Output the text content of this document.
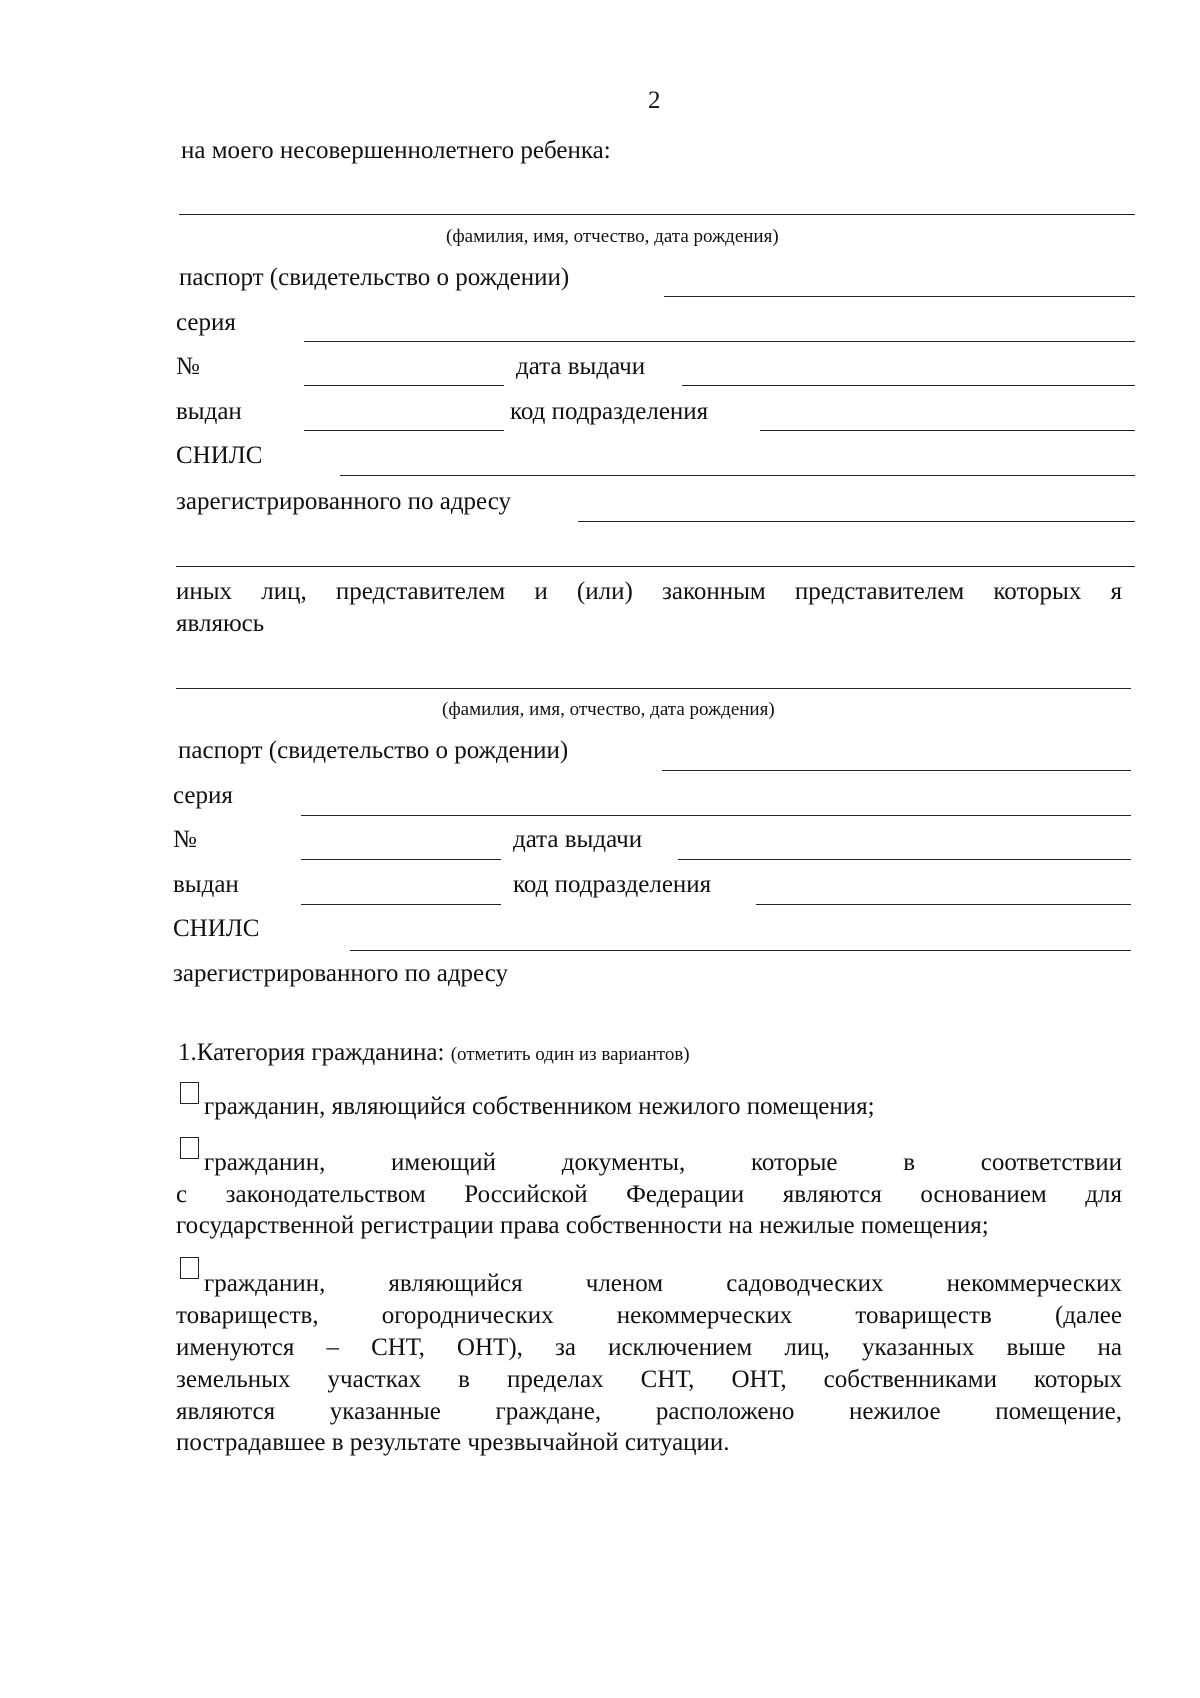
2
на моего несовершеннолетнего ребенка:
(фамилия, имя, отчество, дата рождения)
паспорт (свидетельство о рождении)
серия
№	дата выдачи
выдан	код подразделения
СНИЛС
зарегистрированного по адресу
иных лиц, представителем и (или) законным представителем которых я
являюсь
(фамилия, имя, отчество, дата рождения)
паспорт (свидетельство о рождении)
серия
№	дата выдачи
выдан	код подразделения
СНИЛС
зарегистрированного по адресу
1.Категория гражданина: (отметить один из вариантов)
гражданин, являющийся собственником нежилого помещения;
гражданин, имеющий документы, которые в соответствии
с законодательством Российской Федерации являются основанием для
государственной регистрации права собственности на нежилые помещения;
гражданин, являющийся членом садоводческих некоммерческих
товариществ, огороднических некоммерческих товариществ (далее
именуются – СНТ, ОНТ), за исключением лиц, указанных выше на
земельных участках в пределах СНТ, ОНТ, собственниками которых
являются указанные граждане, расположено нежилое помещение,
пострадавшее в результате чрезвычайной ситуации.
